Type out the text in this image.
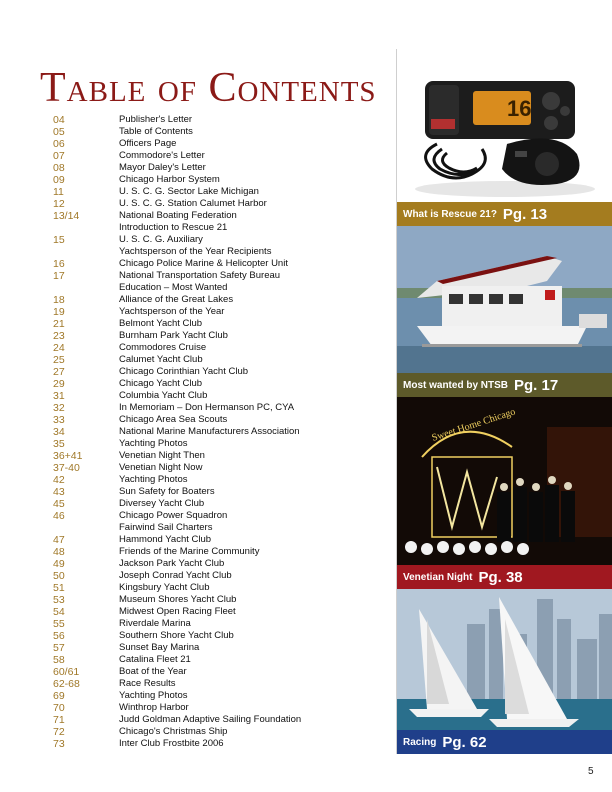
Table of Contents
04	Publisher's Letter
05	Table of Contents
06	Officers Page
07	Commodore's Letter
08	Mayor Daley's Letter
09	Chicago Harbor System
11	U. S. C. G. Sector Lake Michigan
12	U. S. C. G. Station Calumet Harbor
13/14	National Boating Federation
Introduction to Rescue 21
15	U. S. C. G. Auxiliary
Yachtsperson of the Year Recipients
16	Chicago Police Marine & Helicopter Unit
17	National Transportation Safety Bureau
Education – Most Wanted
18	Alliance of the Great Lakes
19	Yachtsperson of the Year
21	Belmont Yacht Club
23	Burnham Park Yacht Club
24	Commodores Cruise
25	Calumet Yacht Club
27	Chicago Corinthian Yacht Club
29	Chicago Yacht Club
31	Columbia Yacht Club
32	In Memoriam – Don Hermanson PC, CYA
33	Chicago Area Sea Scouts
34	National Marine Manufacturers Association
35	Yachting Photos
36+41	Venetian Night Then
37-40	Venetian Night Now
42	Yachting Photos
43	Sun Safety for Boaters
45	Diversey Yacht Club
46	Chicago Power Squadron
Fairwind Sail Charters
47	Hammond Yacht Club
48	Friends of the Marine Community
49	Jackson Park Yacht Club
50	Joseph Conrad Yacht Club
51	Kingsbury Yacht Club
53	Museum Shores Yacht Club
54	Midwest Open Racing Fleet
55	Riverdale Marina
56	Southern Shore Yacht Club
57	Sunset Bay Marina
58	Catalina Fleet 21
60/61	Boat of the Year
62-68	Race Results
69	Yachting Photos
70	Winthrop Harbor
71	Judd Goldman Adaptive Sailing Foundation
72	Chicago's Christmas Ship
73	Inter Club Frostbite 2006
16
What is Rescue 21? Pg. 13
Most wanted by NTSB Pg. 17
Sweet Home Chicago
Venetian Night Pg. 38
Racing Pg. 62
5
